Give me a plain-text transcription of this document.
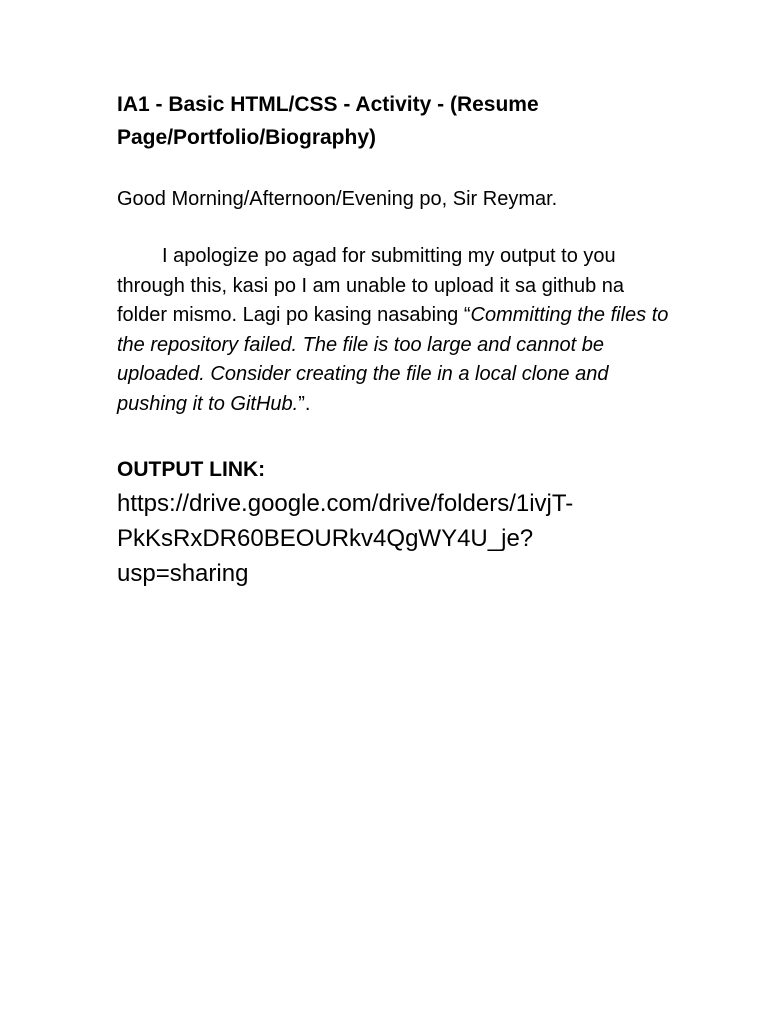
IA1 - Basic HTML/CSS - Activity - (Resume Page/Portfolio/Biography)

Good Morning/Afternoon/Evening po, Sir Reymar.

I apologize po agad for submitting my output to you through this, kasi po I am unable to upload it sa github na folder mismo. Lagi po kasing nasabing “Committing the files to the repository failed. The file is too large and cannot be uploaded. Consider creating the file in a local clone and pushing it to GitHub.”.

OUTPUT LINK:

https://drive.google.com/drive/folders/1ivjT-
PkKsRxDR60BEOURkv4QgWY4U_je?
usp=sharing
